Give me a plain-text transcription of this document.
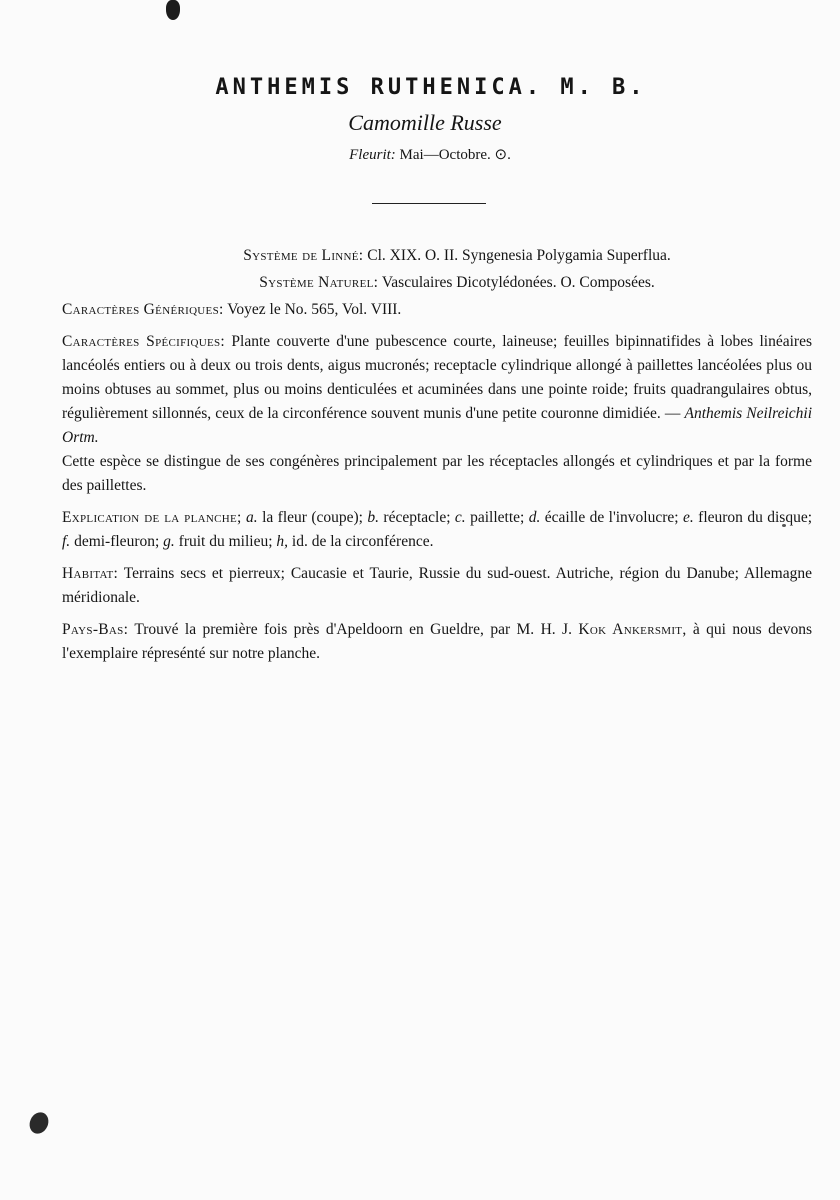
ANTHEMIS RUTHENICA. M. B.
Camomille Russe
Fleurit: Mai—Octobre. ⊙.
Système de Linné: Cl. XIX. O. II. Syngenesia Polygamia Superflua.
Système Naturel: Vasculaires Dicotylédonées. O. Composées.
Caractères Génériques: Voyez le No. 565, Vol. VIII.
Caractères Spécifiques: Plante couverte d'une pubescence courte, laineuse; feuilles bipinnatifides à lobes linéaires lancéolés entiers ou à deux ou trois dents, aigus mucronés; receptacle cylindrique allongé à paillettes lancéolées plus ou moins obtuses au sommet, plus ou moins denticulées et acuminées dans une pointe roide; fruits quadrangulaires obtus, régulièrement sillonnés, ceux de la circonférence souvent munis d'une petite couronne dimidiée. — Anthemis Neilreichii Ortm.
Cette espèce se distingue de ses congénères principalement par les réceptacles allongés et cylindriques et par la forme des paillettes.
Explication de la planche; a. la fleur (coupe); b. réceptacle; c. paillette; d. écaille de l'involucre; e. fleuron du disque; f. demi-fleuron; g. fruit du milieu; h, id. de la circonférence.
Habitat: Terrains secs et pierreux; Caucasie et Taurie, Russie du sud-ouest. Autriche, région du Danube; Allemagne méridionale.
Pays-Bas: Trouvé la première fois près d'Apeldoorn en Gueldre, par M. H. J. Kok Ankersmit, à qui nous devons l'exemplaire répresénté sur notre planche.
